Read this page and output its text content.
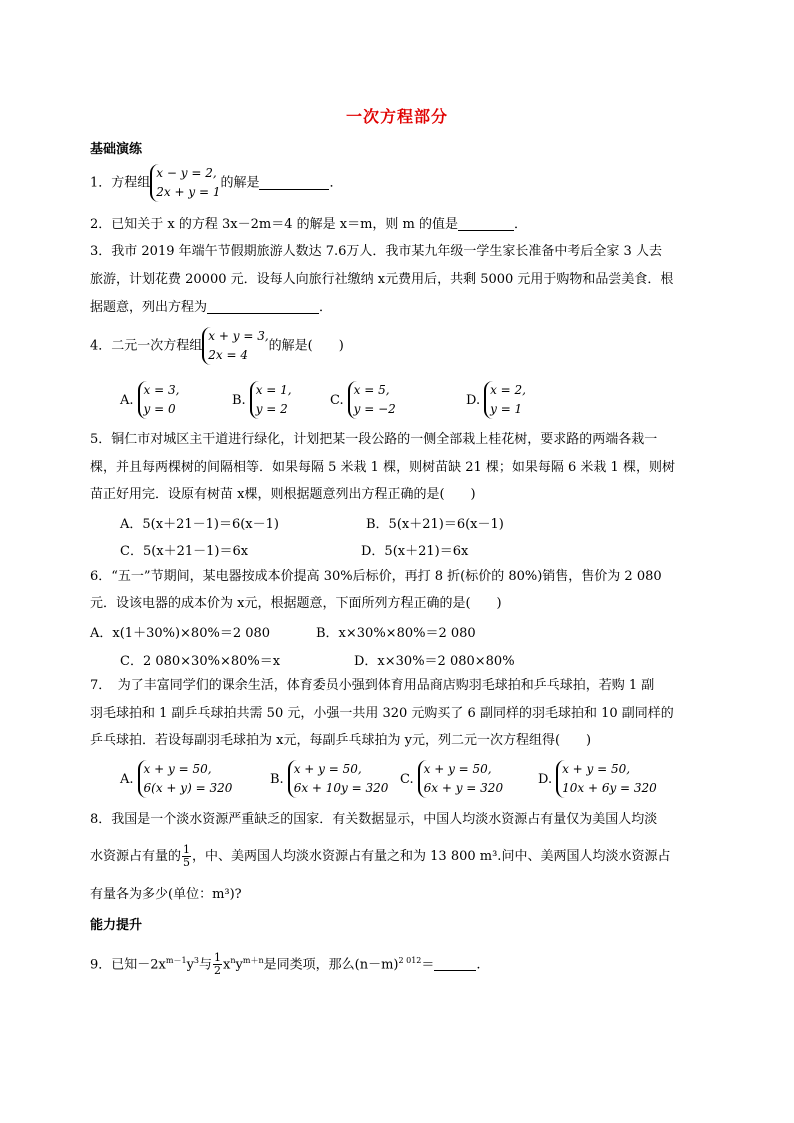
一次方程部分
基础演练
1．方程组
x − y = 2,
2x + y = 1
的解是	．
2．已知关于 x 的方程 3x－2m＝4 的解是 x＝m，则 m 的值是	．
3．我市 2019 年端午节假期旅游人数达 7.6万人．我市某九年级一学生家长准备中考后全家 3 人去
旅游，计划花费 20000 元．设每人向旅行社缴纳 x元费用后，共剩 5000 元用于购物和品尝美食．根
据题意，列出方程为	．
4．二元一次方程组
x + y = 3,
2x = 4
的解是(　　)
A.
x = 3,
y = 0
B.
x = 1,
y = 2
C.
x = 5,
y = −2
D.
x = 2,
y = 1
5．铜仁市对城区主干道进行绿化，计划把某一段公路的一侧全部栽上桂花树，要求路的两端各栽一
棵，并且每两棵树的间隔相等．如果每隔 5 米栽 1 棵，则树苗缺 21 棵；如果每隔 6 米栽 1 棵，则树
苗正好用完．设原有树苗 x棵，则根据题意列出方程正确的是(　　)
A．5(x＋21－1)＝6(x－1)	B．5(x＋21)＝6(x－1)
C．5(x＋21－1)＝6x	D．5(x＋21)＝6x
6．“五一”节期间，某电器按成本价提高 30%后标价，再打 8 折(标价的 80%)销售，售价为 2 080
元．设该电器的成本价为 x元，根据题意，下面所列方程正确的是(　　)
A．x(1＋30%)×80%＝2 080	B．x×30%×80%＝2 080
C．2 080×30%×80%＝x	D．x×30%＝2 080×80%
7．　为了丰富同学们的课余生活，体育委员小强到体育用品商店购羽毛球拍和乒乓球拍，若购 1 副
羽毛球拍和 1 副乒乓球拍共需 50 元，小强一共用 320 元购买了 6 副同样的羽毛球拍和 10 副同样的
乒乓球拍．若设每副羽毛球拍为 x元，每副乒乓球拍为 y元，列二元一次方程组得(　　)
A.
x + y = 50,
6(x + y) = 320
B.
x + y = 50,
6x + 10y = 320
C.
x + y = 50,
6x + y = 320
D.
x + y = 50,
10x + 6y = 320
8．我国是一个淡水资源严重缺乏的国家．有关数据显示，中国人均淡水资源占有量仅为美国人均淡
水资源占有量的 $\frac{1}{5}$ ，中、美两国人均淡水资源占有量之和为 13 800 m³.问中、美两国人均淡水资源占
有量各为多少(单位：m³)?
能力提升
9．已知$-2x^{m-1}y^3$与 $\frac{1}{2} x^ny^{m+n}$是同类项，那么$(n-m)^{2 012}=$	.
